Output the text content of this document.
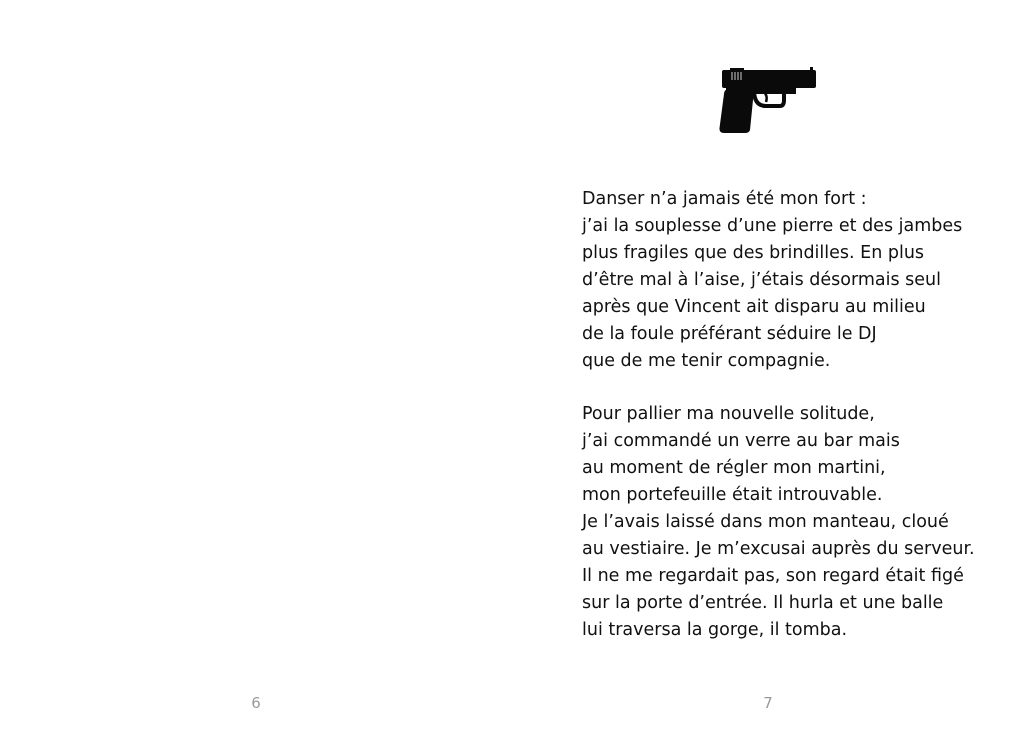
6
Danser n’a jamais été mon fort :
j’ai la souplesse d’une pierre et des jambes
plus fragiles que des brindilles. En plus
d’être mal à l’aise, j’étais désormais seul
après que Vincent ait disparu au milieu
de la foule préférant séduire le DJ
que de me tenir compagnie.
Pour pallier ma nouvelle solitude,
j’ai commandé un verre au bar mais
au moment de régler mon martini,
mon portefeuille était introuvable.
Je l’avais laissé dans mon manteau, cloué
au vestiaire. Je m’excusai auprès du serveur.
Il ne me regardait pas, son regard était figé
sur la porte d’entrée. Il hurla et une balle
lui traversa la gorge, il tomba.
7
